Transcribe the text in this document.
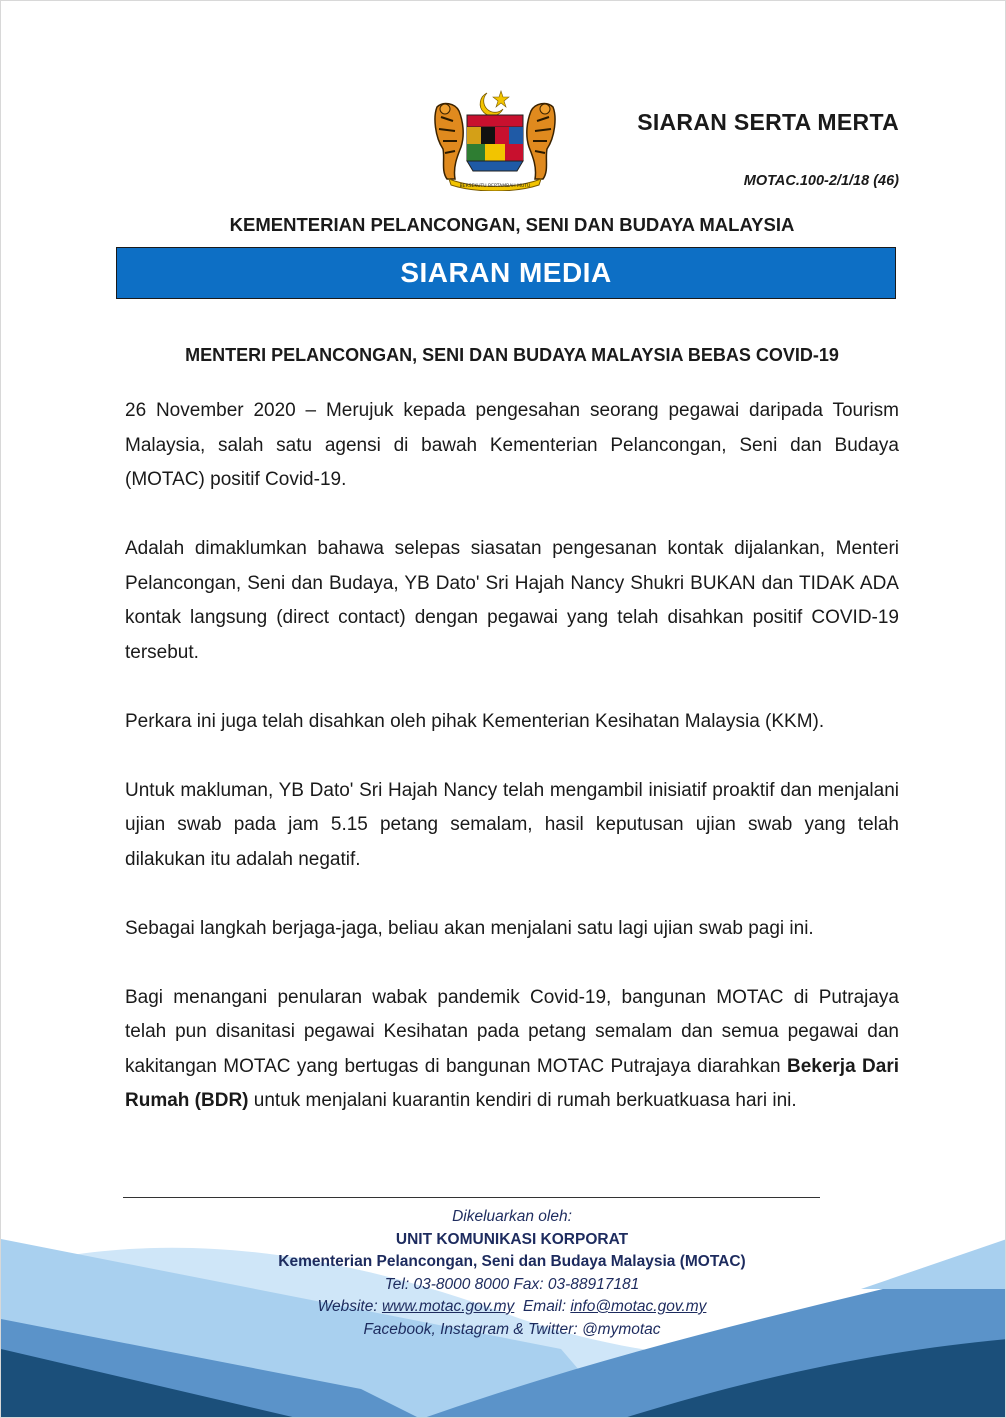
BERSEKUTU BERTAMBAH MUTU
SIARAN SERTA MERTA
MOTAC.100-2/1/18 (46)
KEMENTERIAN PELANCONGAN, SENI DAN BUDAYA MALAYSIA
SIARAN MEDIA
MENTERI PELANCONGAN, SENI DAN BUDAYA MALAYSIA BEBAS COVID-19

26 November 2020 – Merujuk kepada pengesahan seorang pegawai daripada Tourism Malaysia, salah satu agensi di bawah Kementerian Pelancongan, Seni dan Budaya (MOTAC) positif Covid-19.

Adalah dimaklumkan bahawa selepas siasatan pengesanan kontak dijalankan, Menteri Pelancongan, Seni dan Budaya, YB Dato' Sri Hajah Nancy Shukri BUKAN dan TIDAK ADA kontak langsung (direct contact) dengan pegawai yang telah disahkan positif COVID-19 tersebut.

Perkara ini juga telah disahkan oleh pihak Kementerian Kesihatan Malaysia (KKM).

Untuk makluman, YB Dato' Sri Hajah Nancy telah mengambil inisiatif proaktif dan menjalani ujian swab pada jam 5.15 petang semalam, hasil keputusan ujian swab yang telah dilakukan itu adalah negatif.

Sebagai langkah berjaga-jaga, beliau akan menjalani satu lagi ujian swab pagi ini.

Bagi menangani penularan wabak pandemik Covid-19, bangunan MOTAC di Putrajaya telah pun disanitasi pegawai Kesihatan pada petang semalam dan semua pegawai dan kakitangan MOTAC yang bertugas di bangunan MOTAC Putrajaya diarahkan Bekerja Dari Rumah (BDR) untuk menjalani kuarantin kendiri di rumah berkuatkuasa hari ini.

Dikeluarkan oleh:
UNIT KOMUNIKASI KORPORAT
Kementerian Pelancongan, Seni dan Budaya Malaysia (MOTAC)
Tel: 03-8000 8000 Fax: 03-88917181
Website: www.motac.gov.my Email: info@motac.gov.my
Facebook, Instagram & Twitter: @mymotac
